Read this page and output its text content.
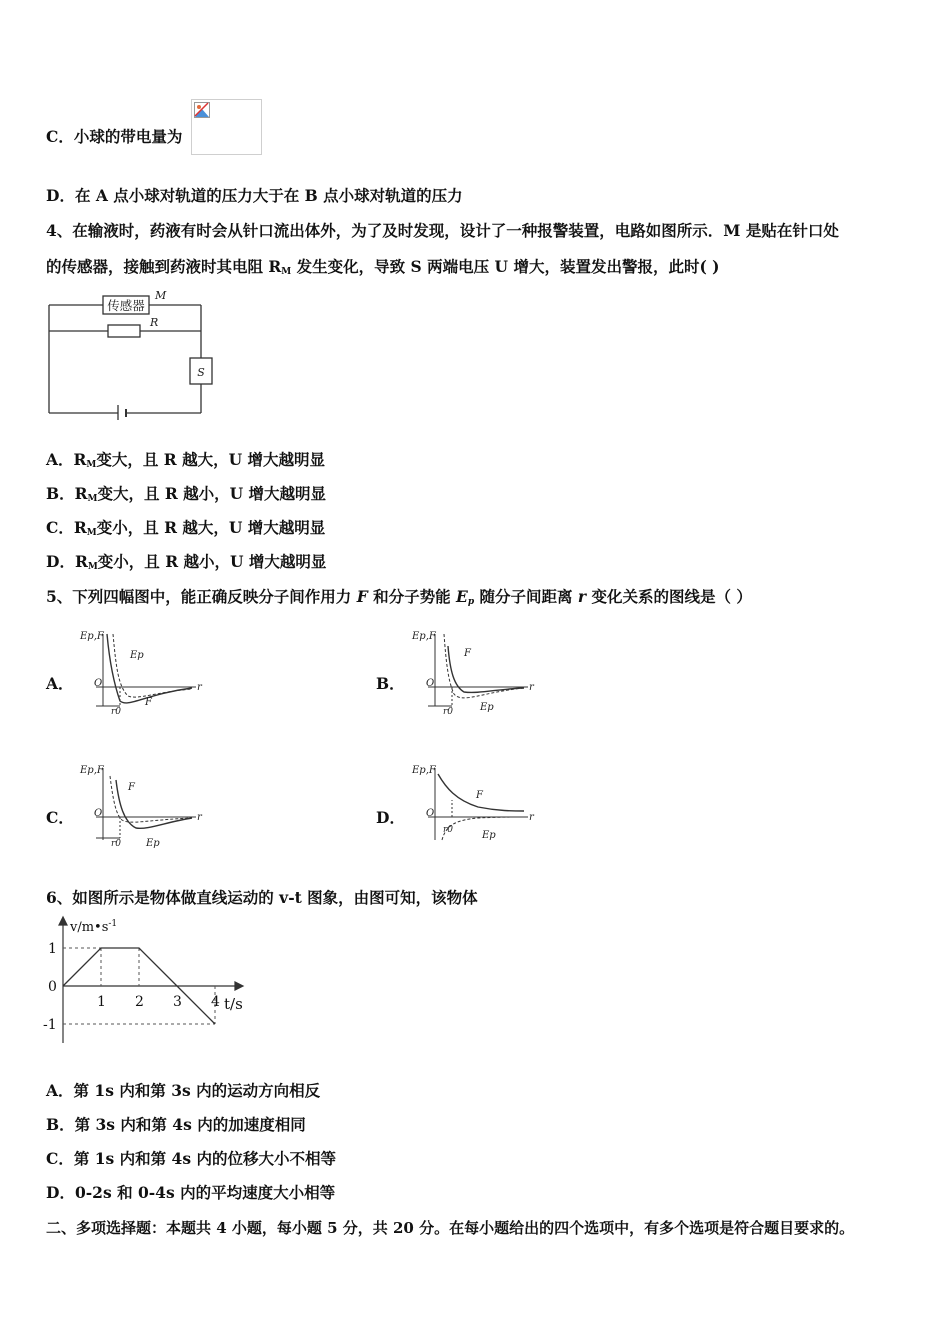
C．小球的带电量为
D．在 A 点小球对轨道的压力大于在 B 点小球对轨道的压力
4、在输液时，药液有时会从针口流出体外，为了及时发现，设计了一种报警装置，电路如图所示．M 是贴在针口处
的传感器，接触到药液时其电阻 $R_M$ 发生变化，导致 S 两端电压 U 增大，装置发出警报，此时( )
传感器
M
R
S
A．$R_M$变大，且 R 越大，U 增大越明显
B．$R_M$变大，且 R 越小，U 增大越明显
C．$R_M$变小，且 R 越大，U 增大越明显
D．$R_M$变小，且 R 越小，U 增大越明显
5、下列四幅图中，能正确反映分子间作用力 F 和分子势能 $E_p$ 随分子间距离 r 变化关系的图线是（ ）
A．	B．
C．	D．
Ep,F
O	r
r0
F
Ep
Ep,F
O	r
r0
F
Ep
Ep,F
O	r
r0
F
Ep
Ep,F
O	r
r0
F
Ep
6、如图所示是物体做直线运动的 v-t 图象，由图可知，该物体
1 2 3 4
1
0
-1
$v/m•s^{-1}$
t/s
A．第 1s 内和第 3s 内的运动方向相反
B．第 3s 内和第 4s 内的加速度相同
C．第 1s 内和第 4s 内的位移大小不相等
D．0-2s 和 0-4s 内的平均速度大小相等
二、多项选择题：本题共 4 小题，每小题 5 分，共 20 分。在每小题给出的四个选项中，有多个选项是符合题目要求的。
